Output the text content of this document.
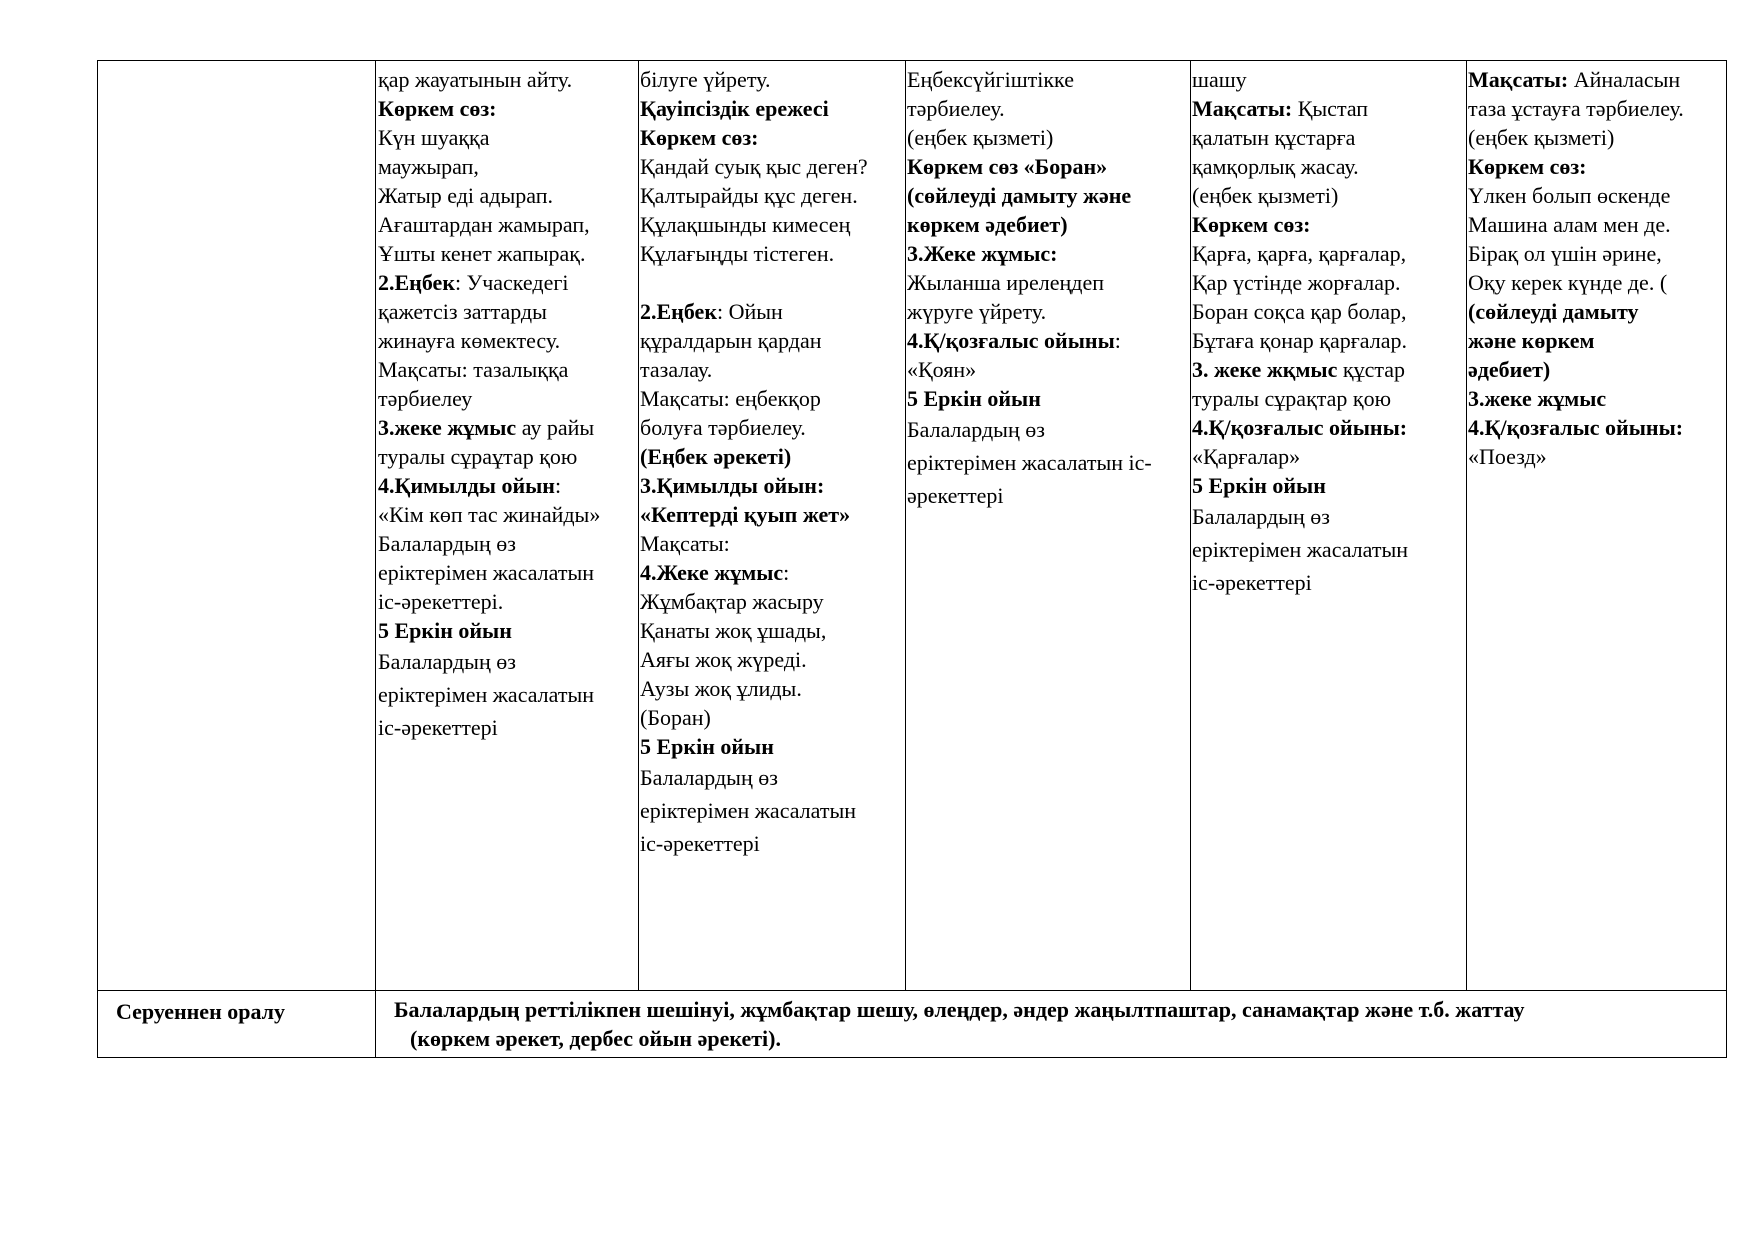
қар жауатынын айту.
Көркем сөз:
Күн шуаққа
маужырап,
Жатыр еді адырап.
Ағаштардан жамырап,
Ұшты кенет жапырақ.
2.Еңбек: Учаскедегі
қажетсіз заттарды
жинауға көмектесу.
Мақсаты: тазалыққа
тәрбиелеу
3.жеке жұмыс ау райы
туралы сұраұтар қою
4.Қимылды ойын:
«Кім көп тас жинайды»
Балалардың өз
еріктерімен жасалатын
іс-әрекеттері.
5 Еркін ойын
Балалардың өз
еріктерімен жасалатын
іс-әрекеттері
білуге үйрету.
Қауіпсіздік ережесі
Көркем сөз:
Қандай суық қыс деген?
Қалтырайды құс деген.
Құлақшынды кимесең
Құлағыңды тістеген.

2.Еңбек: Ойын
құралдарын қардан
тазалау.
Мақсаты: еңбекқор
болуға тәрбиелеу.
(Еңбек әрекеті)
3.Қимылды ойын:
«Кептерді қуып жет»
Мақсаты:
4.Жеке жұмыс:
Жұмбақтар жасыру
Қанаты жоқ ұшады,
Аяғы жоқ жүреді.
Аузы жоқ ұлиды.
(Боран)
5 Еркін ойын
Балалардың өз
еріктерімен жасалатын
іс-әрекеттері
Еңбексүйгіштікке
тәрбиелеу.
(еңбек қызметі)
Көркем сөз «Боран»
(сөйлеуді дамыту және
көркем әдебиет)
3.Жеке жұмыс:
Жыланша ирелеңдеп
жүруге үйрету.
4.Қ/қозғалыс ойыны:
«Қоян»
5 Еркін ойын
Балалардың өз
еріктерімен жасалатын іс-
әрекеттері
шашу
Мақсаты: Қыстап
қалатын құстарға
қамқорлық жасау.
(еңбек қызметі)
Көркем сөз:
Қарға, қарға, қарғалар,
Қар үстінде жорғалар.
Боран соқса қар болар,
Бұтаға қонар қарғалар.
3. жеке жқмыс құстар
туралы сұрақтар қою
4.Қ/қозғалыс ойыны:
«Қарғалар»
5 Еркін ойын
Балалардың өз
еріктерімен жасалатын
іс-әрекеттері
Мақсаты: Айналасын
таза ұстауға тәрбиелеу.
(еңбек қызметі)
Көркем сөз:
Үлкен болып өскенде
Машина алам мен де.
Бірақ ол үшін әрине,
Оқу керек күнде де. (
(сөйлеуді дамыту
және көркем
әдебиет)
3.жеке жұмыс
4.Қ/қозғалыс ойыны:
«Поезд»
Серуеннен оралу	Балалардың реттілікпен шешінуі, жұмбақтар шешу, өлеңдер, әндер жаңылтпаштар, санамақтар және т.б. жаттау
(көркем әрекет, дербес ойын әрекеті).
